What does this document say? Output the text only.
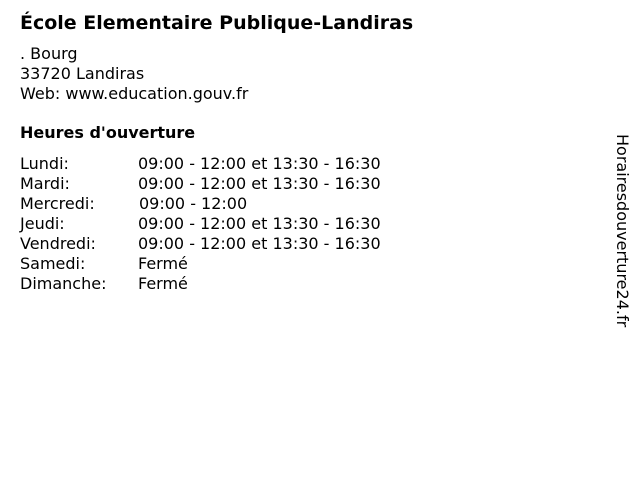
École Elementaire Publique-Landiras
. Bourg
33720 Landiras
Web: www.education.gouv.fr
Heures d'ouverture
Lundi:	09:00 - 12:00 et 13:30 - 16:30
Mardi:	09:00 - 12:00 et 13:30 - 16:30
Mercredi:	09:00 - 12:00
Jeudi:	09:00 - 12:00 et 13:30 - 16:30
Vendredi:	09:00 - 12:00 et 13:30 - 16:30
Samedi:	Fermé
Dimanche: Fermé	Horairesdouverture24.fr
